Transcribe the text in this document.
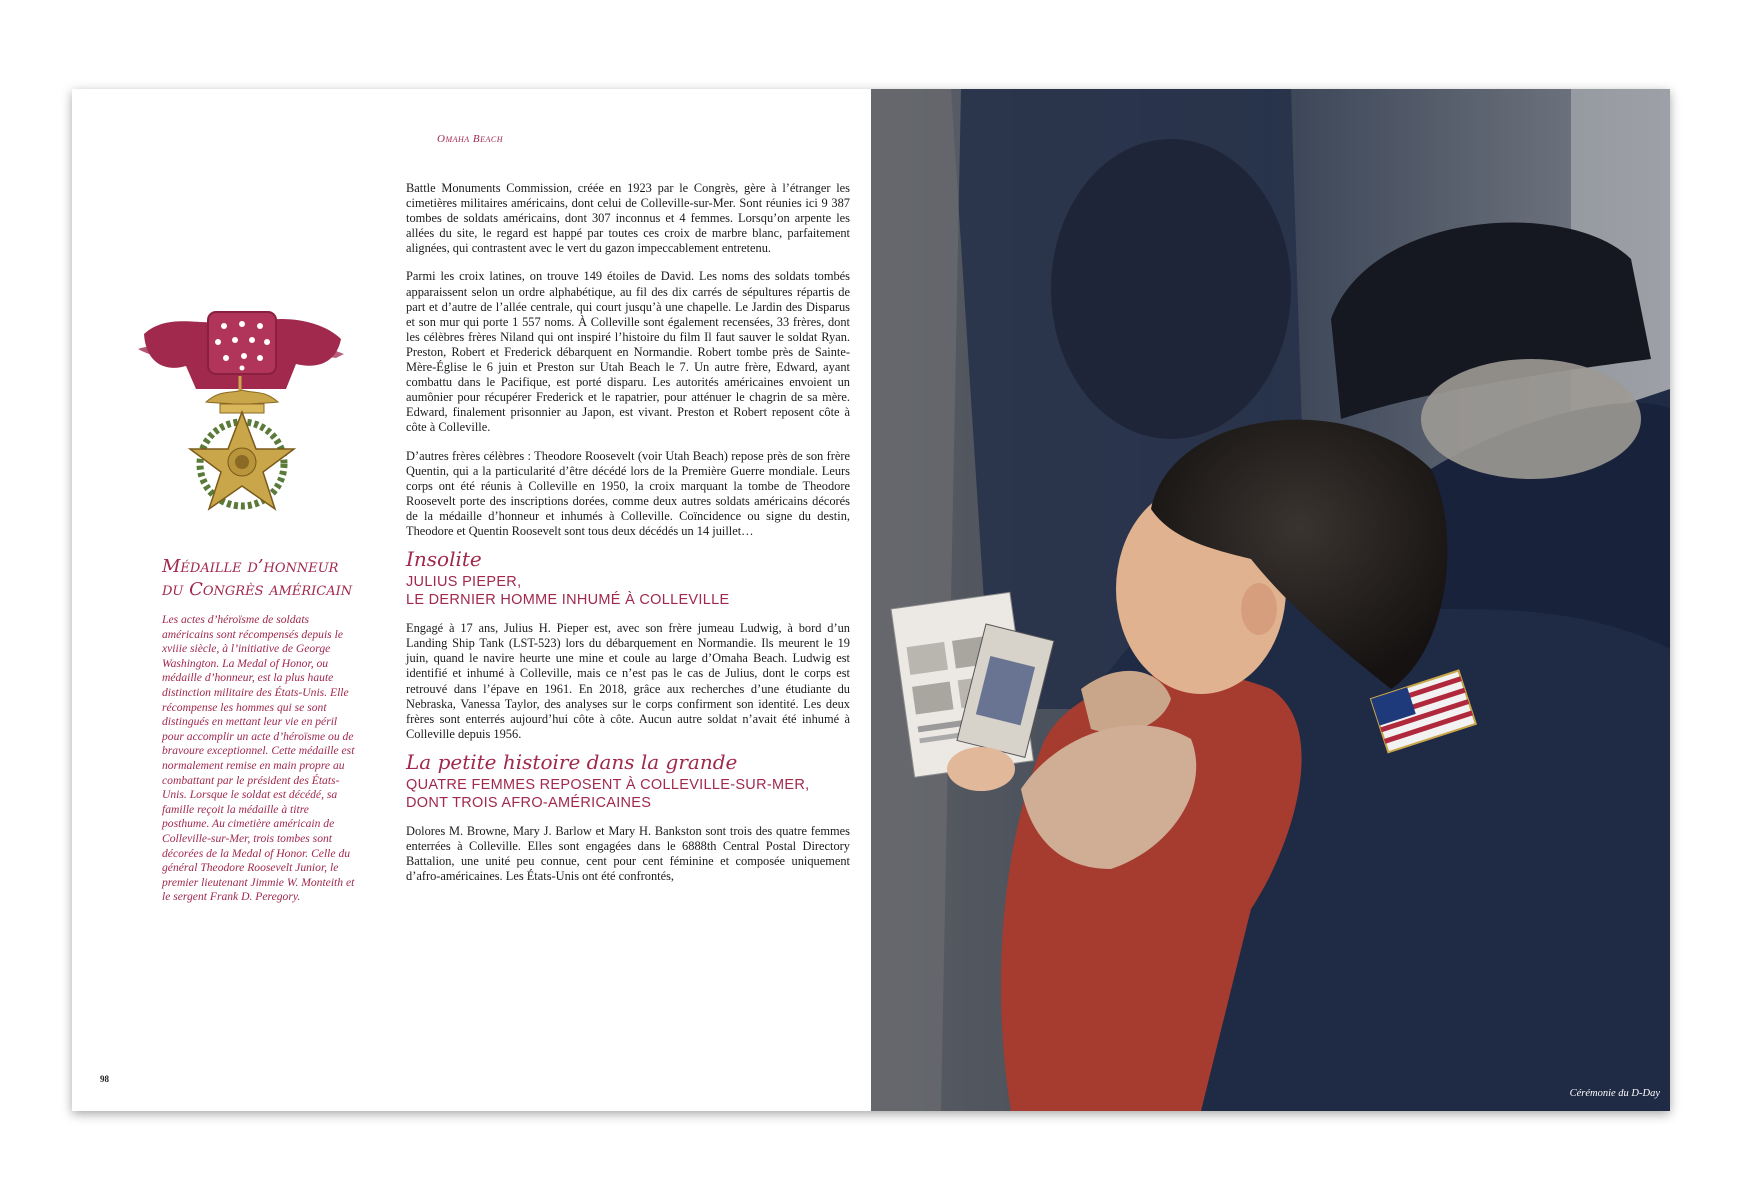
Omaha Beach
Médaille d’honneur
du Congrès américain

Les actes d’héroïsme de soldats américains sont récompensés depuis le xviiie siècle, à l’initiative de George Washington. La Medal of Honor, ou médaille d’honneur, est la plus haute distinction militaire des États-Unis. Elle récompense les hommes qui se sont distingués en mettant leur vie en péril pour accomplir un acte d’héroïsme ou de bravoure exceptionnel. Cette médaille est normalement remise en main propre au combattant par le président des États-Unis. Lorsque le soldat est décédé, sa famille reçoit la médaille à titre posthume. Au cimetière américain de Colleville-sur-Mer, trois tombes sont décorées de la Medal of Honor. Celle du général Theodore Roosevelt Junior, le premier lieutenant Jimmie W. Monteith et le sergent Frank D. Peregory.

Battle Monuments Commission, créée en 1923 par le Congrès, gère à l’étranger les cimetières militaires américains, dont celui de Colleville-sur-Mer. Sont réunies ici 9 387 tombes de soldats américains, dont 307 inconnus et 4 femmes. Lorsqu’on arpente les allées du site, le regard est happé par toutes ces croix de marbre blanc, parfaitement alignées, qui contrastent avec le vert du gazon impeccablement entretenu.

Parmi les croix latines, on trouve 149 étoiles de David. Les noms des soldats tombés apparaissent selon un ordre alphabétique, au fil des dix carrés de sépultures répartis de part et d’autre de l’allée centrale, qui court jusqu’à une chapelle. Le Jardin des Disparus et son mur qui porte 1 557 noms. À Colleville sont également recensées, 33 frères, dont les célèbres frères Niland qui ont inspiré l’histoire du film Il faut sauver le soldat Ryan. Preston, Robert et Frederick débarquent en Normandie. Robert tombe près de Sainte-Mère-Église le 6 juin et Preston sur Utah Beach le 7. Un autre frère, Edward, ayant combattu dans le Pacifique, est porté disparu. Les autorités américaines envoient un aumônier pour récupérer Frederick et le rapatrier, pour atténuer le chagrin de sa mère. Edward, finalement prisonnier au Japon, est vivant. Preston et Robert reposent côte à côte à Colleville.

D’autres frères célèbres : Theodore Roosevelt (voir Utah Beach) repose près de son frère Quentin, qui a la particularité d’être décédé lors de la Première Guerre mondiale. Leurs corps ont été réunis à Colleville en 1950, la croix marquant la tombe de Theodore Roosevelt porte des inscriptions dorées, comme deux autres soldats américains décorés de la médaille d’honneur et inhumés à Colleville. Coïncidence ou signe du destin, Theodore et Quentin Roosevelt sont tous deux décédés un 14 juillet…

Insolite
JULIUS PIEPER,
LE DERNIER HOMME INHUMÉ À COLLEVILLE

Engagé à 17 ans, Julius H. Pieper est, avec son frère jumeau Ludwig, à bord d’un Landing Ship Tank (LST-523) lors du débarquement en Normandie. Ils meurent le 19 juin, quand le navire heurte une mine et coule au large d’Omaha Beach. Ludwig est identifié et inhumé à Colleville, mais ce n’est pas le cas de Julius, dont le corps est retrouvé dans l’épave en 1961. En 2018, grâce aux recherches d’une étudiante du Nebraska, Vanessa Taylor, des analyses sur le corps confirment son identité. Les deux frères sont enterrés aujourd’hui côte à côte. Aucun autre soldat n’avait été inhumé à Colleville depuis 1956.

La petite histoire dans la grande
QUATRE FEMMES REPOSENT À COLLEVILLE-SUR-MER,
DONT TROIS AFRO-AMÉRICAINES

Dolores M. Browne, Mary J. Barlow et Mary H. Bankston sont trois des quatre femmes enterrées à Colleville. Elles sont engagées dans le 6888th Central Postal Directory Battalion, une unité peu connue, cent pour cent féminine et composée uniquement d’afro-américaines. Les États-Unis ont été confrontés,

98
Cérémonie du D-Day
